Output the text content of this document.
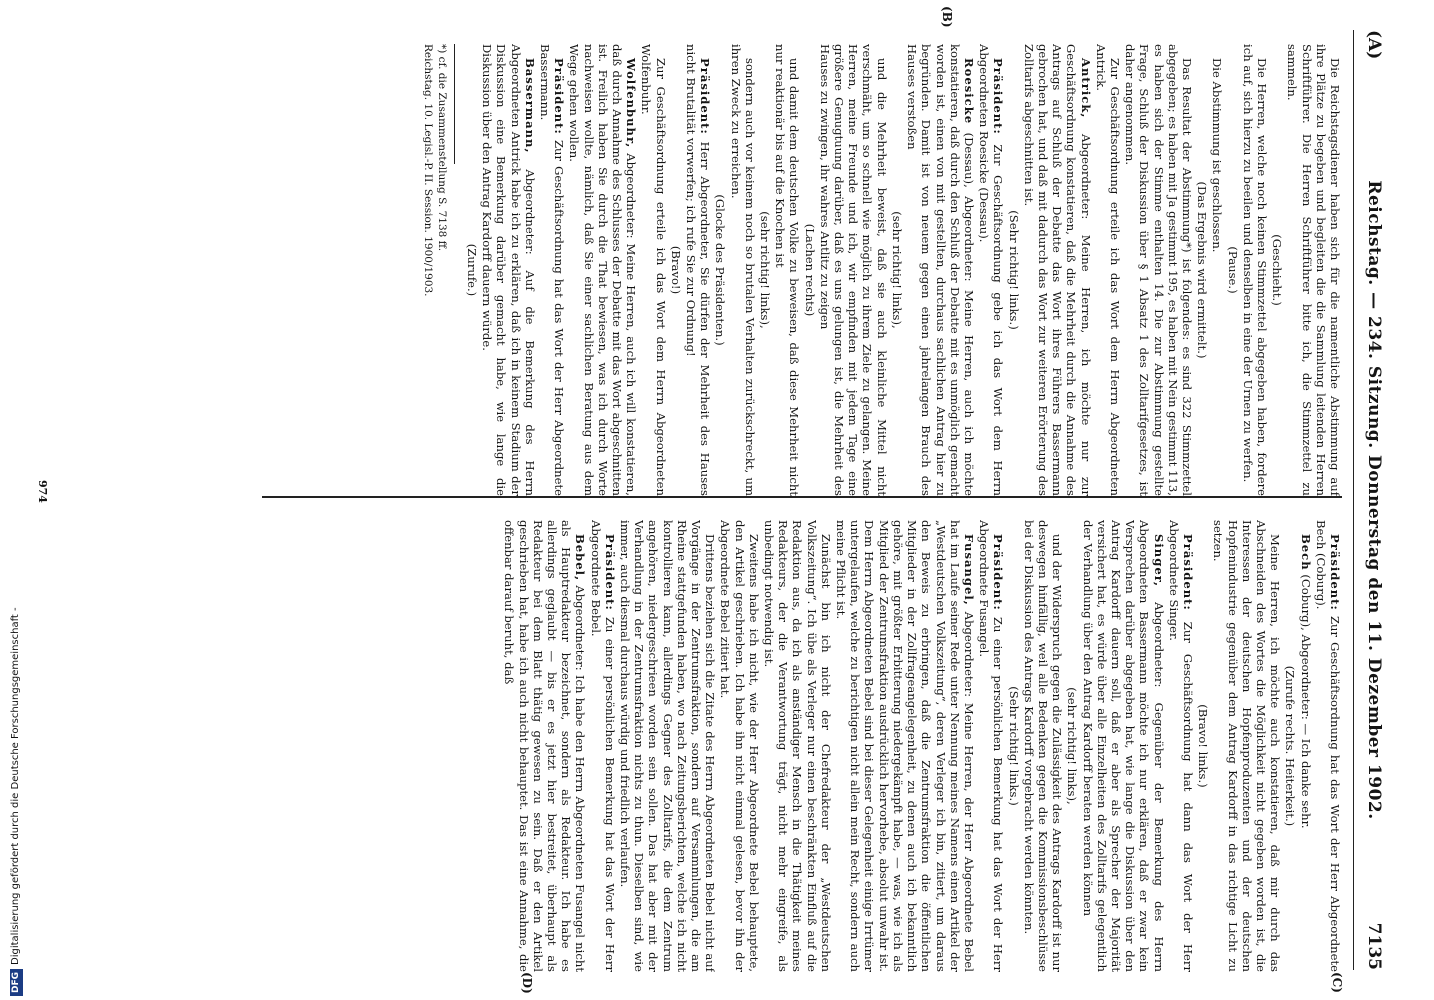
(A)
Reichstag. — 234. Sitzung. Donnerstag den 11. Dezember 1902.
7135
(B)
(C)
(D)

Die Reichstagsdiener haben sich für die namentliche Abstimmung auf ihre Plätze zu begeben und begleiten die die Sammlung leitenden Herren Schriftführer. Die Herren Schriftführer bitte ich, die Stimmzettel zu sammeln.

(Geschieht.)

Die Herren, welche noch keinen Stimmzettel abgegeben haben, fordere ich auf, sich hierzu zu beeilen und denselben in eine der Urnen zu werfen.

(Pause.)

Die Abstimmung ist geschlossen.

(Das Ergebnis wird ermittelt.)

Das Resultat der Abstimmung*) ist folgendes: es sind 322 Stimmzettel abgegeben; es haben mit Ja gestimmt 195, es haben mit Nein gestimmt 113, es haben sich der Stimme enthalten 14. Die zur Abstimmung gestellte Frage, Schluß der Diskussion über § 1 Absatz 1 des Zolltarifgesetzes, ist daher angenommen.

Zur Geschäftsordnung erteile ich das Wort dem Herrn Abgeordneten Antrick.

Antrick, Abgeordneter: Meine Herren, ich möchte nur zur Geschäftsordnung konstatieren, daß die Mehrheit durch die Annahme des Antrags auf Schluß der Debatte das Wort ihres Führers Bassermann gebrochen hat, und daß mit dadurch das Wort zur weiteren Erörterung des Zolltarifs abgeschnitten ist.

(Sehr richtig! links.)

Präsident: Zur Geschäftsordnung gebe ich das Wort dem Herrn Abgeordneten Roesicke (Dessau).

Roesicke (Dessau), Abgeordneter: Meine Herren, auch ich möchte konstatieren, daß durch den Schluß der Debatte mit es unmöglich gemacht worden ist, einen von mit gestellten, durchaus sachlichen Antrag hier zu begründen. Damit ist von neuem gegen einen jahrelangen Brauch des Hauses verstoßen

(sehr richtig! links),

und die Mehrheit beweist, daß sie auch kleinliche Mittel nicht verschmäht, um so schnell wie möglich zu ihrem Ziele zu gelangen. Meine Herren, meine Freunde und ich, wir empfinden mit jedem Tage eine größere Genugtuung darüber, daß es uns gelungen ist, die Mehrheit des Hauses zu zwingen, ihr wahres Antlitz zu zeigen

(Lachen rechts)

und damit dem deutschen Volke zu beweisen, daß diese Mehrheit nicht nur reaktionär bis auf die Knochen ist

(sehr richtig! links),

sondern auch vor keinem noch so brutalen Verhalten zurückschreckt, um ihren Zweck zu erreichen.

(Glocke des Präsidenten.)

Präsident: Herr Abgeordneter, Sie dürfen der Mehrheit des Hauses nicht Brutalität vorwerfen; ich rufe Sie zur Ordnung!

(Bravo!)

Zur Geschäftsordnung erteile ich das Wort dem Herrn Abgeordneten Wolfenbuhr.

Wolfenbuhr, Abgeordneter: Meine Herren, auch ich will konstatieren, daß durch Annahme des Schlusses der Debatte mit das Wort abgeschnitten ist. Freilich haben Sie durch die That bewiesen, was ich durch Worte nachweisen wollte, nämlich, daß Sie einer sachlichen Beratung aus dem Wege gehen wollen.

Präsident: Zur Geschäftsordnung hat das Wort der Herr Abgeordnete Bassermann.

Bassermann, Abgeordneter: Auf die Bemerkung des Herrn Abgeordneten Antrick habe ich zu erklären, daß ich in keinem Stadium der Diskussion eine Bemerkung darüber gemacht habe, wie lange die Diskussion über den Antrag Kardorff dauern würde.

(Zurufe.)

*) cf. die Zusammenstellung S. 7138 ff.

Reichstag. 10. Legisl.-P. II. Session. 1900/1903.

Präsident: Zur Geschäftsordnung hat das Wort der Herr Abgeordnete Bech (Coburg).

Bech (Coburg), Abgeordneter: — Ich danke sehr.

(Zurufe rechts. Heiterkeit.)

Meine Herren, ich möchte auch konstatieren, daß mir durch das Abschneiden des Wortes die Möglichkeit nicht gegeben worden ist, die Interessen der deutschen Hopfenproduzenten und der deutschen Hopfenindustrie gegenüber dem Antrag Kardorff in das richtige Licht zu setzen.

(Bravo! links.)

Präsident: Zur Geschäftsordnung hat dann das Wort der Herr Abgeordnete Singer.

Singer, Abgeordneter: Gegenüber der Bemerkung des Herrn Abgeordneten Bassermann möchte ich nur erklären, daß er zwar kein Versprechen darüber abgegeben hat, wie lange die Diskussion über den Antrag Kardorff dauern soll, daß er aber als Sprecher der Majorität versichert hat, es würde über alle Einzelheiten des Zolltarifs gelegentlich der Verhandlung über den Antrag Kardorff beraten werden können

(sehr richtig! links),

und der Widerspruch gegen die Zulässigkeit des Antrags Kardorff ist nur deswegen hinfällig, weil alle Bedenken gegen die Kommissionsbeschlüsse bei der Diskussion des Antrags Kardorff vorgebracht werden könnten.

(Sehr richtig! links.)

Präsident: Zu einer persönlichen Bemerkung hat das Wort der Herr Abgeordnete Fusangel.

Fusangel, Abgeordneter: Meine Herren, der Herr Abgeordnete Bebel hat im Laufe seiner Rede unter Nennung meines Namens einen Artikel der „Westdeutschen Volkszeitung“, deren Verleger ich bin, zitiert, um daraus den Beweis zu erbringen, daß die Zentrumsfraktion die öffentlichen Mitglieder in der Zollfrageangelegenheit, zu denen auch ich bekanntlich gehöre, mit größter Erbitterung niedergekämpft habe, — was, wie ich als Mitglied der Zentrumsfraktion ausdrücklich hervorhebe, absolut unwahr ist. Dem Herrn Abgeordneten Bebel sind bei dieser Gelegenheit einige Irrtümer untergelaufen, welche zu berichtigen nicht allein mein Recht, sondern auch meine Pflicht ist.

Zunächst bin ich nicht der Chefredakteur der „Westdeutschen Volkszeitung“. Ich übe als Verleger nur einen beschränkten Einfluß auf die Redaktion aus, da ich als anständiger Mensch in die Thätigkeit meines Redakteurs, der die Verantwortung trägt, nicht mehr eingreife, als unbedingt notwendig ist.

Zweitens habe ich nicht, wie der Herr Abgeordnete Bebel behauptete, den Artikel geschrieben. Ich habe ihn nicht einmal gelesen, bevor ihn der Abgeordnete Bebel zitiert hat.

Drittens beziehen sich die Zitate des Herrn Abgeordneten Bebel nicht auf Vorgänge in der Zentrumsfraktion, sondern auf Versammlungen, die am Rheine stattgefunden haben, wo nach Zeitungsberichten, welche ich nicht kontrollieren kann, allerdings Gegner des Zolltarifs, die dem Zentrum angehören, niedergeschrieen worden sein sollen. Das hat aber mit der Verhandlung in der Zentrumsfraktion nichts zu thun. Dieselben sind, wie immer, auch diesmal durchaus würdig und friedlich verlaufen.

Präsident: Zu einer persönlichen Bemerkung hat das Wort der Herr Abgeordnete Bebel.

Bebel, Abgeordneter: Ich habe den Herrn Abgeordneten Fusangel nicht als Hauptredakteur bezeichnet, sondern als Redakteur. Ich habe es allerdings geglaubt — bis er es jetzt hier bestreitet, überhaupt als Redakteur bei dem Blatt thätig gewesen zu sein. Daß er den Artikel geschrieben hat, habe ich auch nicht behauptet. Das ist eine Annahme, die offenbar darauf beruht, daß

974
DFG
Digitalisierung gefördert durch die Deutsche Forschungsgemeinschaft -
